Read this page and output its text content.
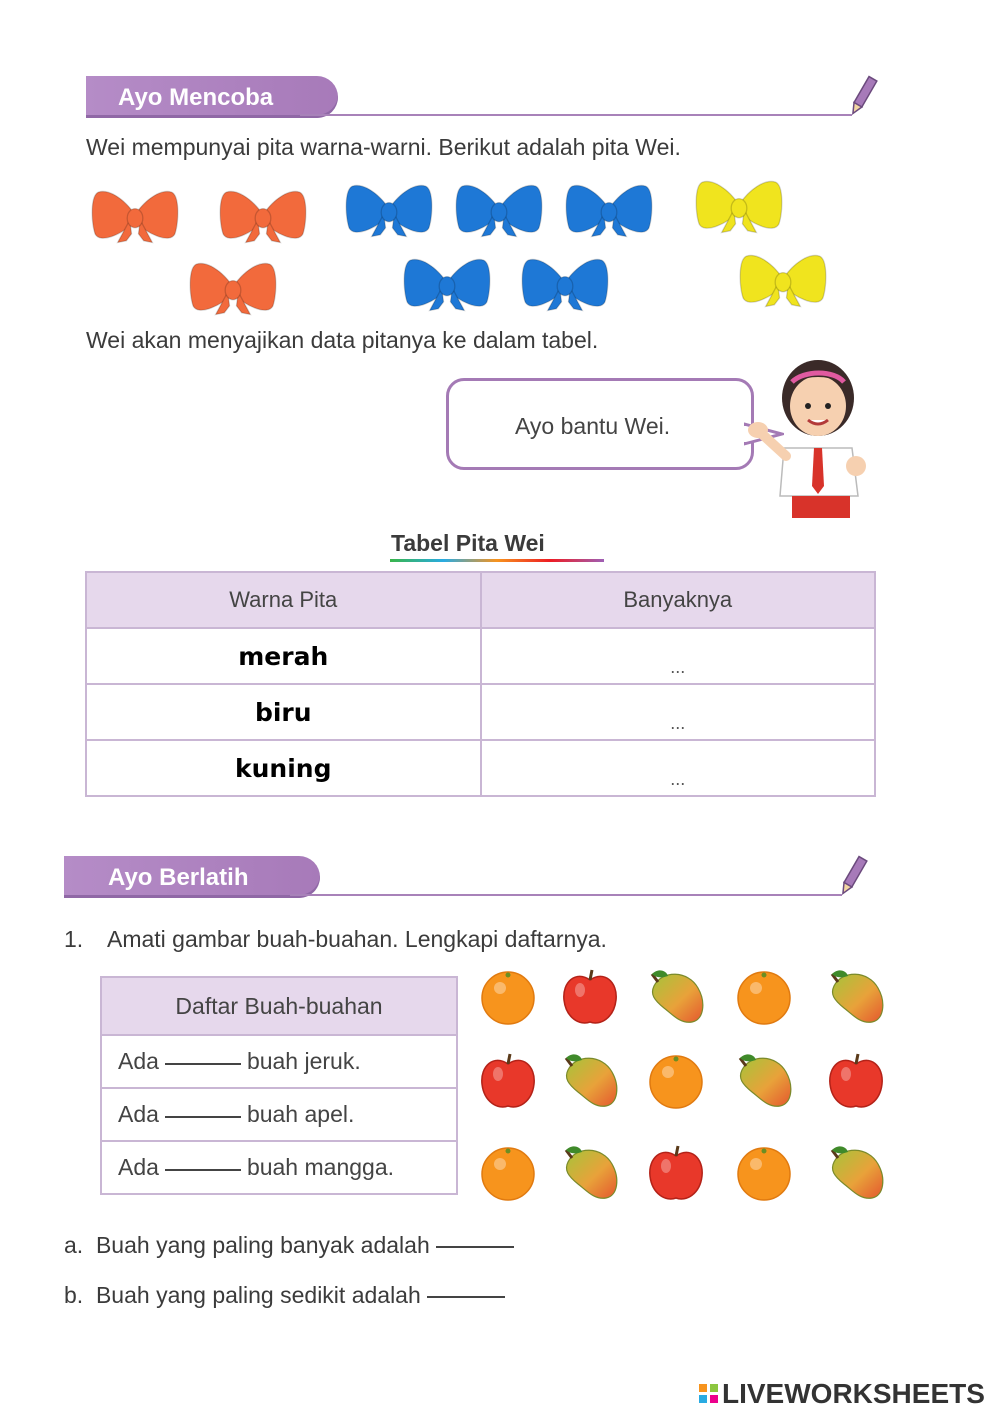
Ayo Mencoba
Wei mempunyai pita warna-warni. Berikut adalah pita Wei.
Wei akan menyajikan data pitanya ke dalam tabel.
Ayo bantu Wei.
Tabel Pita Wei
Warna Pita	Banyaknya
merah	$_{...}$
biru	$_{...}$
kuning	$_{...}$
Ayo Berlatih
1. Amati gambar buah-buahan. Lengkapi daftarnya.
Daftar Buah-buahan
Ada	buah jeruk.
Ada	buah apel.
Ada	buah mangga.
a. Buah yang paling banyak adalah
b. Buah yang paling sedikit adalah
LIVEWORKSHEETS
